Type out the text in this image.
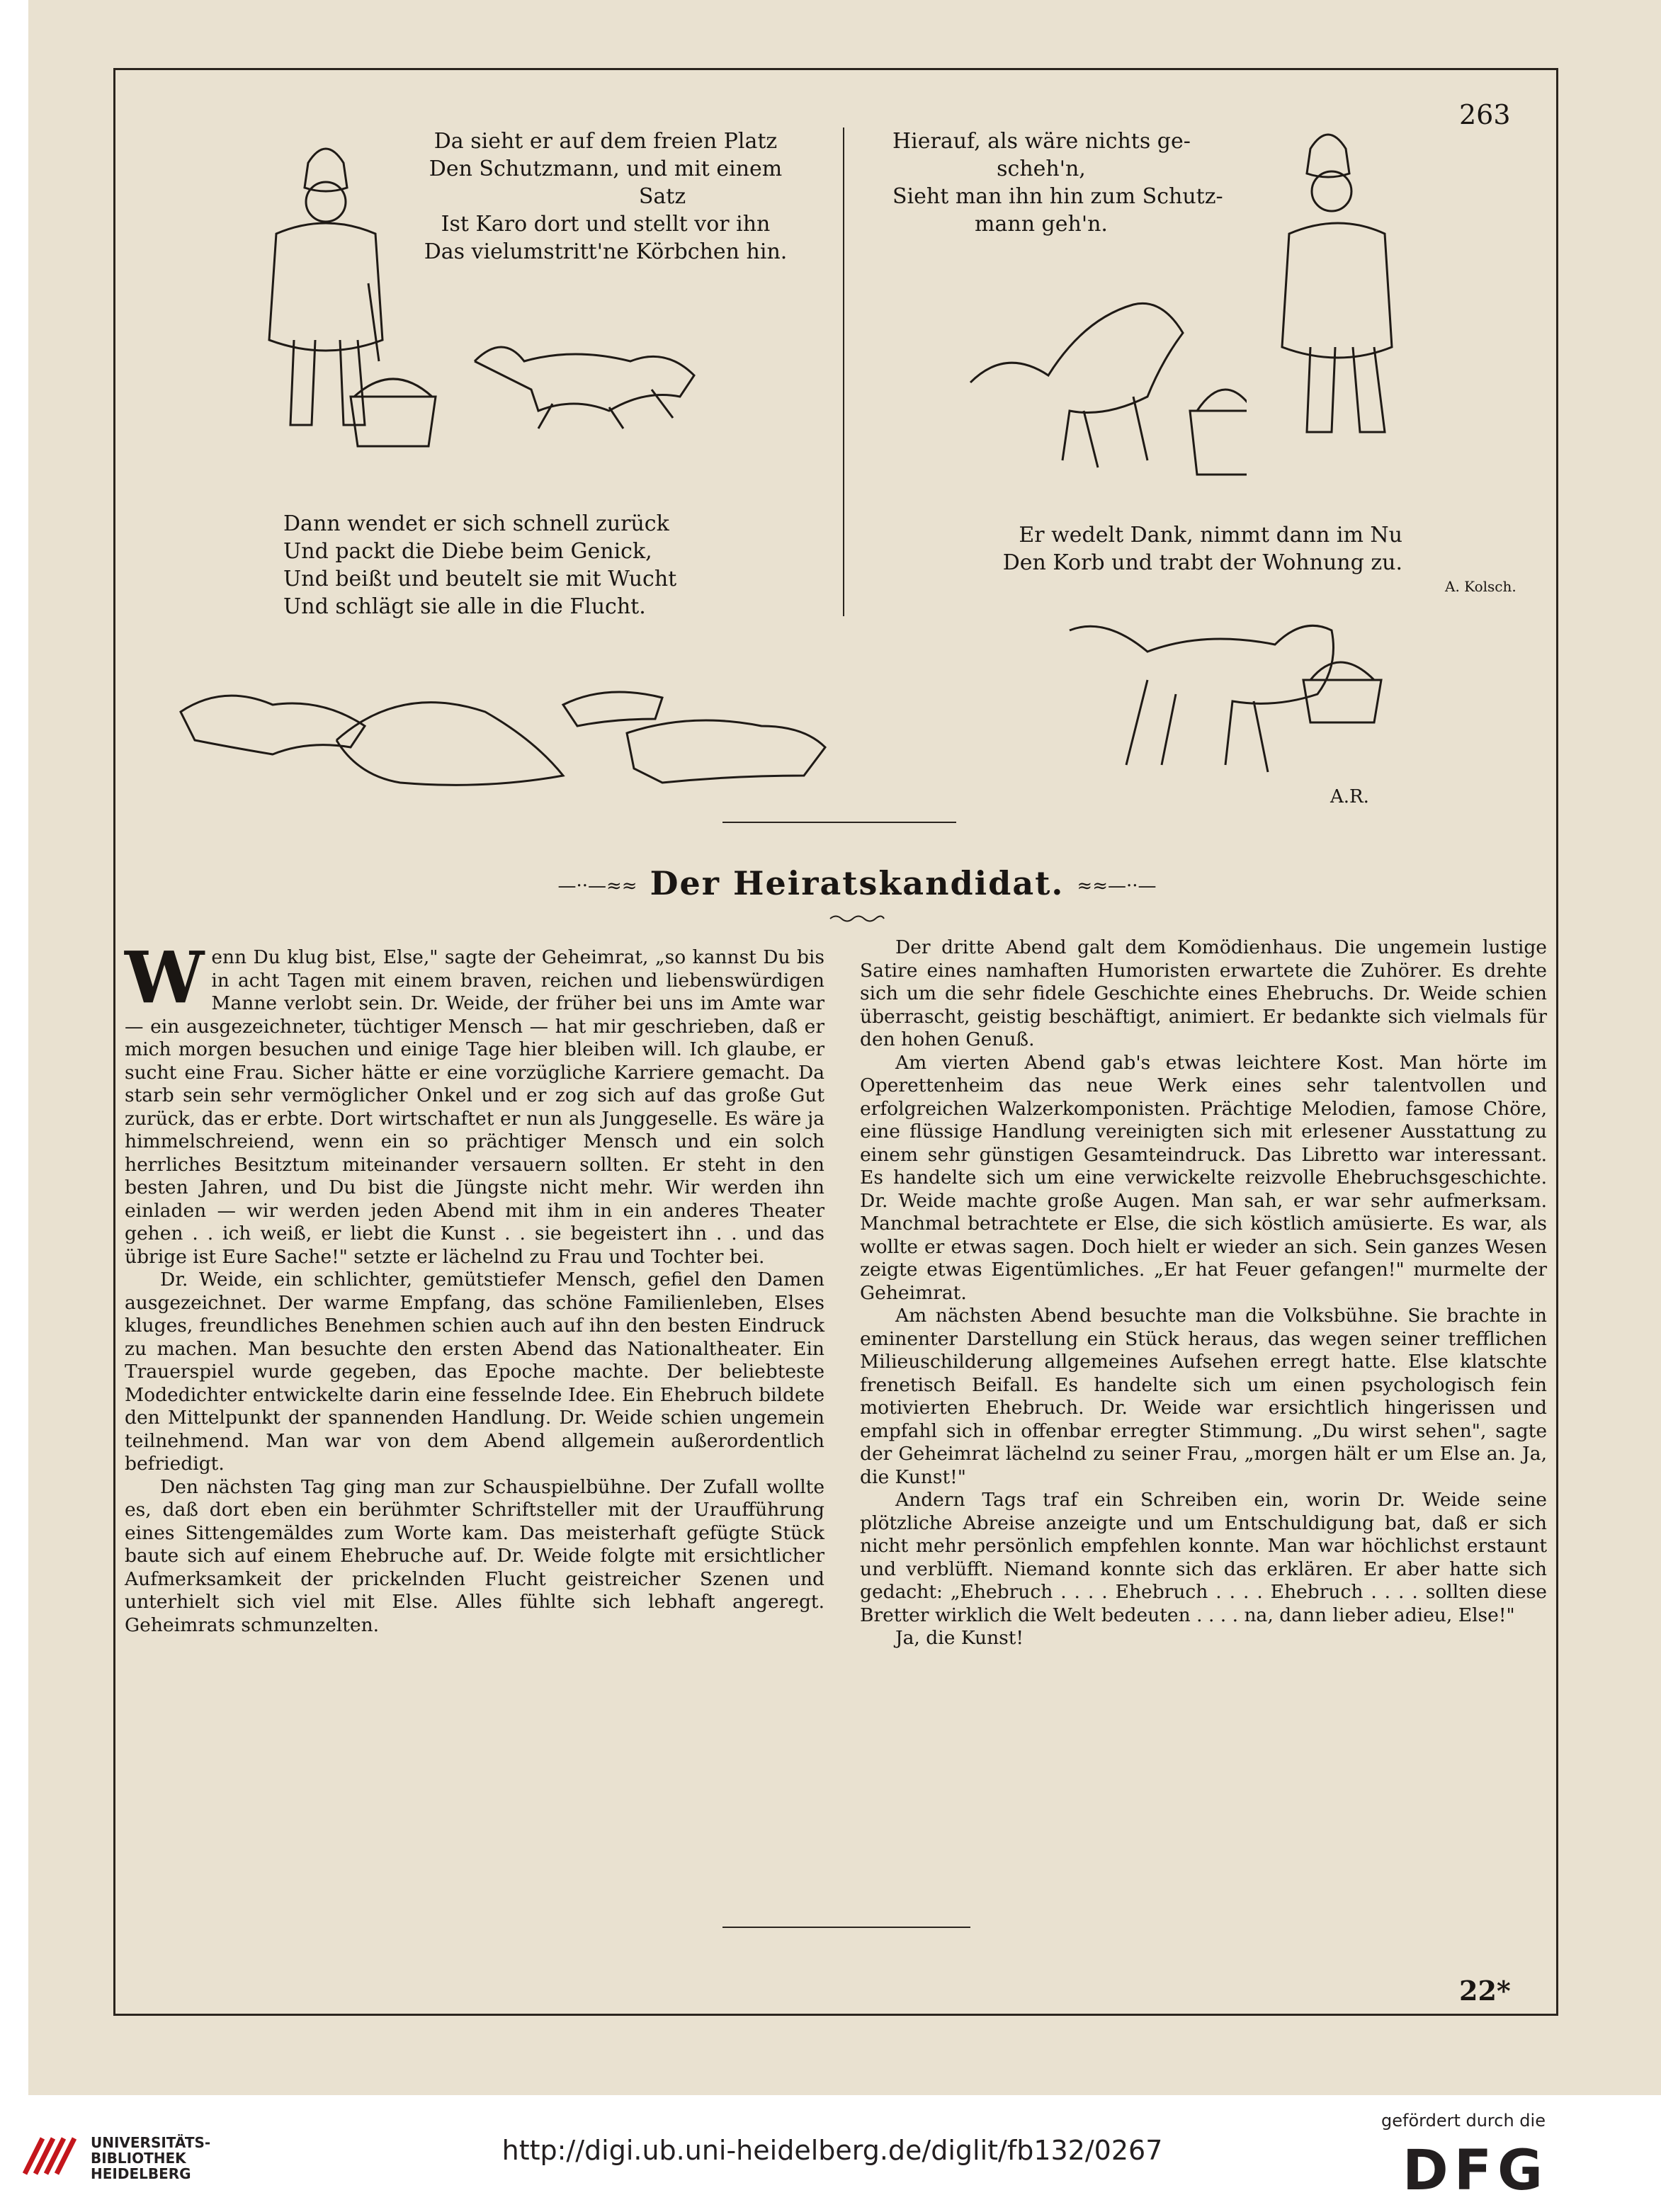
263
A.R.
Da sieht er auf dem freien Platz
Den Schutzmann, und mit einem
Satz
Ist Karo dort und stellt vor ihn
Das vielumstritt'ne Körbchen hin.
Hierauf, als wäre nichts ge-
scheh'n,
Sieht man ihn hin zum Schutz-
mann geh'n.
Dann wendet er sich schnell zurück
Und packt die Diebe beim Genick,
Und beißt und beutelt sie mit Wucht
Und schlägt sie alle in die Flucht.
Er wedelt Dank, nimmt dann im Nu
Den Korb und trabt der Wohnung zu.
A. Kolsch.
—··—≈≈ Der Heiratskandidat. ≈≈—··—

Wenn Du klug bist, Else," sagte der Geheimrat, „so kannst Du bis in acht Tagen mit einem braven, reichen und liebenswürdigen Manne verlobt sein. Dr. Weide, der früher bei uns im Amte war — ein ausgezeichneter, tüchtiger Mensch — hat mir geschrieben, daß er mich morgen besuchen und einige Tage hier bleiben will. Ich glaube, er sucht eine Frau. Sicher hätte er eine vorzügliche Karriere gemacht. Da starb sein sehr vermöglicher Onkel und er zog sich auf das große Gut zurück, das er erbte. Dort wirtschaftet er nun als Junggeselle. Es wäre ja himmelschreiend, wenn ein so prächtiger Mensch und ein solch herrliches Besitztum miteinander versauern sollten. Er steht in den besten Jahren, und Du bist die Jüngste nicht mehr. Wir werden ihn einladen — wir werden jeden Abend mit ihm in ein anderes Theater gehen . . ich weiß, er liebt die Kunst . . sie begeistert ihn . . und das übrige ist Eure Sache!" setzte er lächelnd zu Frau und Tochter bei.

Dr. Weide, ein schlichter, gemütstiefer Mensch, gefiel den Damen ausgezeichnet. Der warme Empfang, das schöne Familienleben, Elses kluges, freundliches Benehmen schien auch auf ihn den besten Eindruck zu machen. Man besuchte den ersten Abend das Nationaltheater. Ein Trauerspiel wurde gegeben, das Epoche machte. Der beliebteste Modedichter entwickelte darin eine fesselnde Idee. Ein Ehebruch bildete den Mittelpunkt der spannenden Handlung. Dr. Weide schien ungemein teilnehmend. Man war von dem Abend allgemein außerordentlich befriedigt.

Den nächsten Tag ging man zur Schauspielbühne. Der Zufall wollte es, daß dort eben ein berühmter Schriftsteller mit der Uraufführung eines Sittengemäldes zum Worte kam. Das meisterhaft gefügte Stück baute sich auf einem Ehebruche auf. Dr. Weide folgte mit ersichtlicher Aufmerksamkeit der prickelnden Flucht geistreicher Szenen und unterhielt sich viel mit Else. Alles fühlte sich lebhaft angeregt. Geheimrats schmunzelten.

Der dritte Abend galt dem Komödienhaus. Die ungemein lustige Satire eines namhaften Humoristen erwartete die Zuhörer. Es drehte sich um die sehr fidele Geschichte eines Ehebruchs. Dr. Weide schien überrascht, geistig beschäftigt, animiert. Er bedankte sich vielmals für den hohen Genuß.

Am vierten Abend gab's etwas leichtere Kost. Man hörte im Operettenheim das neue Werk eines sehr talentvollen und erfolgreichen Walzerkomponisten. Prächtige Melodien, famose Chöre, eine flüssige Handlung vereinigten sich mit erlesener Ausstattung zu einem sehr günstigen Gesamteindruck. Das Libretto war interessant. Es handelte sich um eine verwickelte reizvolle Ehebruchsgeschichte. Dr. Weide machte große Augen. Man sah, er war sehr aufmerksam. Manchmal betrachtete er Else, die sich köstlich amüsierte. Es war, als wollte er etwas sagen. Doch hielt er wieder an sich. Sein ganzes Wesen zeigte etwas Eigentümliches. „Er hat Feuer gefangen!" murmelte der Geheimrat.

Am nächsten Abend besuchte man die Volksbühne. Sie brachte in eminenter Darstellung ein Stück heraus, das wegen seiner trefflichen Milieuschilderung allgemeines Aufsehen erregt hatte. Else klatschte frenetisch Beifall. Es handelte sich um einen psychologisch fein motivierten Ehebruch. Dr. Weide war ersichtlich hingerissen und empfahl sich in offenbar erregter Stimmung. „Du wirst sehen", sagte der Geheimrat lächelnd zu seiner Frau, „morgen hält er um Else an. Ja, die Kunst!"

Andern Tags traf ein Schreiben ein, worin Dr. Weide seine plötzliche Abreise anzeigte und um Entschuldigung bat, daß er sich nicht mehr persönlich empfehlen konnte. Man war höchlichst erstaunt und verblüfft. Niemand konnte sich das erklären. Er aber hatte sich gedacht: „Ehebruch . . . . Ehebruch . . . . Ehebruch . . . . sollten diese Bretter wirklich die Welt bedeuten . . . . na, dann lieber adieu, Else!"

Ja, die Kunst!

22*
UNIVERSITÄTS-
BIBLIOTHEK
HEIDELBERG
http://digi.ub.uni-heidelberg.de/diglit/fb132/0267
gefördert durch die
DFG
